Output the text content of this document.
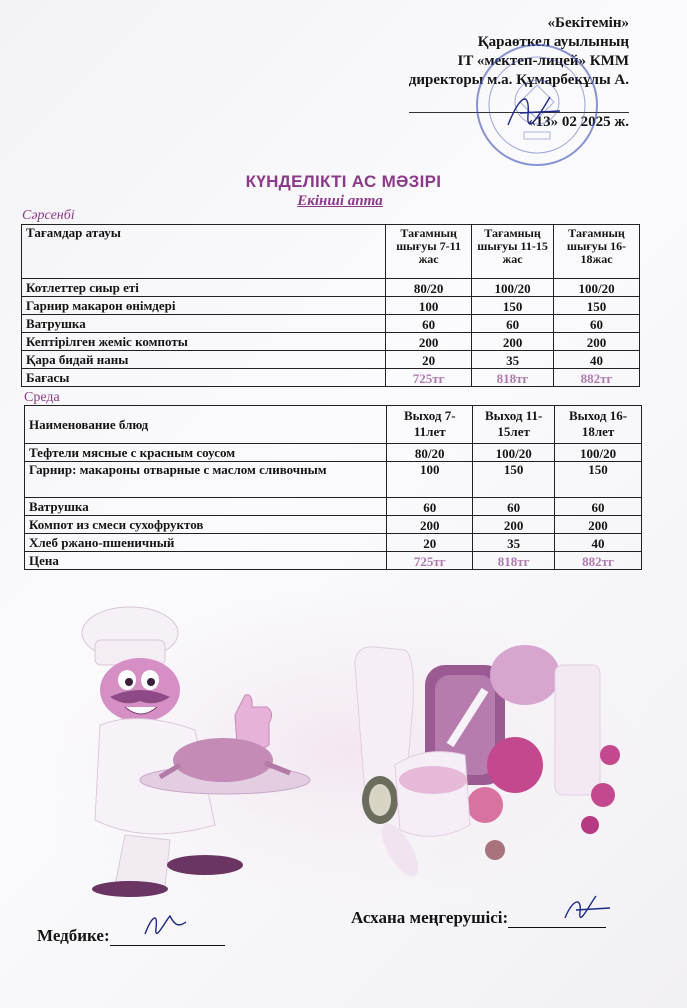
«Бекітемін»
Қараөткел ауылының
IT «мектеп-лицей» КММ
директоры м.а. Құмарбекұлы А.
«13» 02 2025 ж.
КҮНДЕЛІКТІ АС МӘЗІРІ
Екінші апта
Сәрсенбі
Тағамдар атауы	Тағамның шығуы 7-11 жас	Тағамның шығуы 11-15 жас	Тағамның шығуы 16-18жас
Котлеттер сиыр еті	80/20	100/20	100/20
Гарнир макарон өнімдері	100	150	150
Ватрушка	60	60	60
Кептірілген жеміс компоты	200	200	200
Қара бидай наны	20	35	40
Бағасы	725тг	818тг	882тг
Среда
Наименование блюд	Выход 7-11лет	Выход 11-15лет	Выход 16-18лет
Тефтели мясные с красным соусом	80/20	100/20	100/20
Гарнир: макароны отварные с маслом сливочным	100	150	150
Ватрушка	60	60	60
Компот из смеси сухофруктов	200	200	200
Хлеб ржано-пшеничный	20	35	40
Цена	725тг	818тг	882тг
Асхана меңгерушісі:
Медбике:
